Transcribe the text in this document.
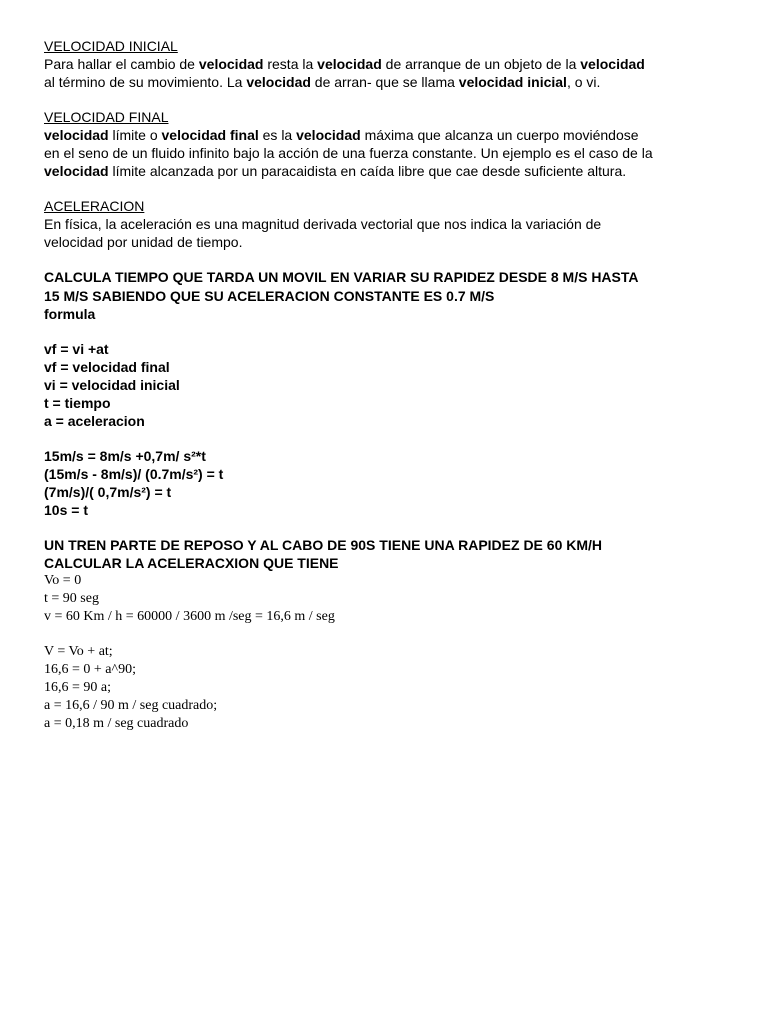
VELOCIDAD INICIAL
Para hallar el cambio de velocidad resta la velocidad de arranque de un objeto de la velocidad
al término de su movimiento. La velocidad de arran- que se llama velocidad inicial, o vi.
VELOCIDAD FINAL
velocidad límite o velocidad final es la velocidad máxima que alcanza un cuerpo moviéndose
en el seno de un fluido infinito bajo la acción de una fuerza constante. Un ejemplo es el caso de la
velocidad límite alcanzada por un paracaidista en caída libre que cae desde suficiente altura.
ACELERACION
En física, la aceleración es una magnitud derivada vectorial que nos indica la variación de
velocidad por unidad de tiempo.
CALCULA TIEMPO QUE TARDA UN MOVIL EN VARIAR SU RAPIDEZ DESDE 8 M/S HASTA
15 M/S SABIENDO QUE SU ACELERACION CONSTANTE ES 0.7 M/S
formula
vf = vi +at
vf = velocidad final
vi = velocidad inicial
t = tiempo
a = aceleracion
15m/s = 8m/s +0,7m/ s²*t
(15m/s - 8m/s)/ (0.7m/s²) = t
(7m/s)/( 0,7m/s²) = t
10s = t
UN TREN PARTE DE REPOSO Y AL CABO DE 90S TIENE UNA RAPIDEZ DE 60 KM/H
CALCULAR LA ACELERACXION QUE TIENE
Vo = 0
t = 90 seg
v = 60 Km / h = 60000 / 3600 m /seg = 16,6 m / seg
V = Vo + at;
16,6 = 0 + a^90;
16,6 = 90 a;
a = 16,6 / 90 m / seg cuadrado;
a = 0,18 m / seg cuadrado
